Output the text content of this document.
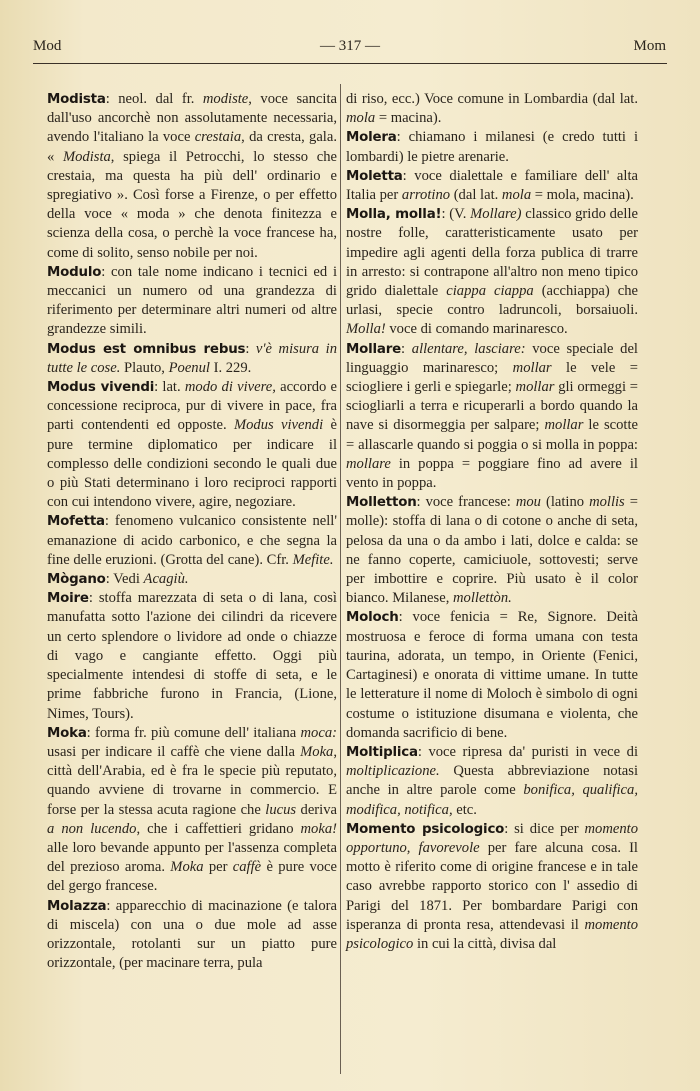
Mod	— 317 —	Mom

Modista: neol. dal fr. modiste, voce sancita dall'uso ancorchè non assolutamente necessaria, avendo l'italiano la voce crestaia, da cresta, gala. « Modista, spiega il Petrocchi, lo stesso che crestaia, ma questa ha più dell' ordinario e spregiativo ». Così forse a Firenze, o per effetto della voce « moda » che denota finitezza e scienza della cosa, o perchè la voce francese ha, come di solito, senso nobile per noi.

Modulo: con tale nome indicano i tecnici ed i meccanici un numero od una grandezza di riferimento per determinare altri numeri od altre grandezze simili.

Modus est omnibus rebus: v'è misura in tutte le cose. Plauto, Poenul I. 229.

Modus vivendi: lat. modo di vivere, accordo e concessione reciproca, pur di vivere in pace, fra parti contendenti ed opposte. Modus vivendi è pure termine diplomatico per indicare il complesso delle condizioni secondo le quali due o più Stati determinano i loro reciproci rapporti con cui intendono vivere, agire, negoziare.

Mofetta: fenomeno vulcanico consistente nell' emanazione di acido carbonico, e che segna la fine delle eruzioni. (Grotta del cane). Cfr. Mefite.

Mògano: Vedi Acagiù.

Moire: stoffa marezzata di seta o di lana, così manufatta sotto l'azione dei cilindri da ricevere un certo splendore o lividore ad onde o chiazze di vago e cangiante effetto. Oggi più specialmente intendesi di stoffe di seta, e le prime fabbriche furono in Francia, (Lione, Nimes, Tours).

Moka: forma fr. più comune dell' italiana moca: usasi per indicare il caffè che viene dalla Moka, città dell'Arabia, ed è fra le specie più reputato, quando avviene di trovarne in commercio. E forse per la stessa acuta ragione che lucus deriva a non lucendo, che i caffettieri gridano moka! alle loro bevande appunto per l'assenza completa del prezioso aroma. Moka per caffè è pure voce del gergo francese.

Molazza: apparecchio di macinazione (e talora di miscela) con una o due mole ad asse orizzontale, rotolanti sur un piatto pure orizzontale, (per macinare terra, pula

di riso, ecc.) Voce comune in Lombardia (dal lat. mola = macina).

Molera: chiamano i milanesi (e credo tutti i lombardi) le pietre arenarie.

Moletta: voce dialettale e familiare dell' alta Italia per arrotino (dal lat. mola = mola, macina).

Molla, molla!: (V. Mollare) classico grido delle nostre folle, caratteristicamente usato per impedire agli agenti della forza publica di trarre in arresto: si contrapone all'altro non meno tipico grido dialettale ciappa ciappa (acchiappa) che urlasi, specie contro ladruncoli, borsaiuoli. Molla! voce di comando marinaresco.

Mollare: allentare, lasciare: voce speciale del linguaggio marinaresco; mollar le vele = sciogliere i gerli e spiegarle; mollar gli ormeggi = sciogliarli a terra e ricuperarli a bordo quando la nave si disormeggia per salpare; mollar le scotte = allascarle quando si poggia o si molla in poppa: mollare in poppa = poggiare fino ad avere il vento in poppa.

Molletton: voce francese: mou (latino mollis = molle): stoffa di lana o di cotone o anche di seta, pelosa da una o da ambo i lati, dolce e calda: se ne fanno coperte, camiciuole, sottovesti; serve per imbottire e coprire. Più usato è il color bianco. Milanese, mollettòn.

Moloch: voce fenicia = Re, Signore. Deità mostruosa e feroce di forma umana con testa taurina, adorata, un tempo, in Oriente (Fenici, Cartaginesi) e onorata di vittime umane. In tutte le letterature il nome di Moloch è simbolo di ogni costume o istituzione disumana e violenta, che domanda sacrificio di bene.

Moltiplica: voce ripresa da' puristi in vece di moltiplicazione. Questa abbreviazione notasi anche in altre parole come bonifica, qualifica, modifica, notifica, etc.

Momento psicologico: si dice per momento opportuno, favorevole per fare alcuna cosa. Il motto è riferito come di origine francese e in tale caso avrebbe rapporto storico con l' assedio di Parigi del 1871. Per bombardare Parigi con isperanza di pronta resa, attendevasi il momento psicologico in cui la città, divisa dal
